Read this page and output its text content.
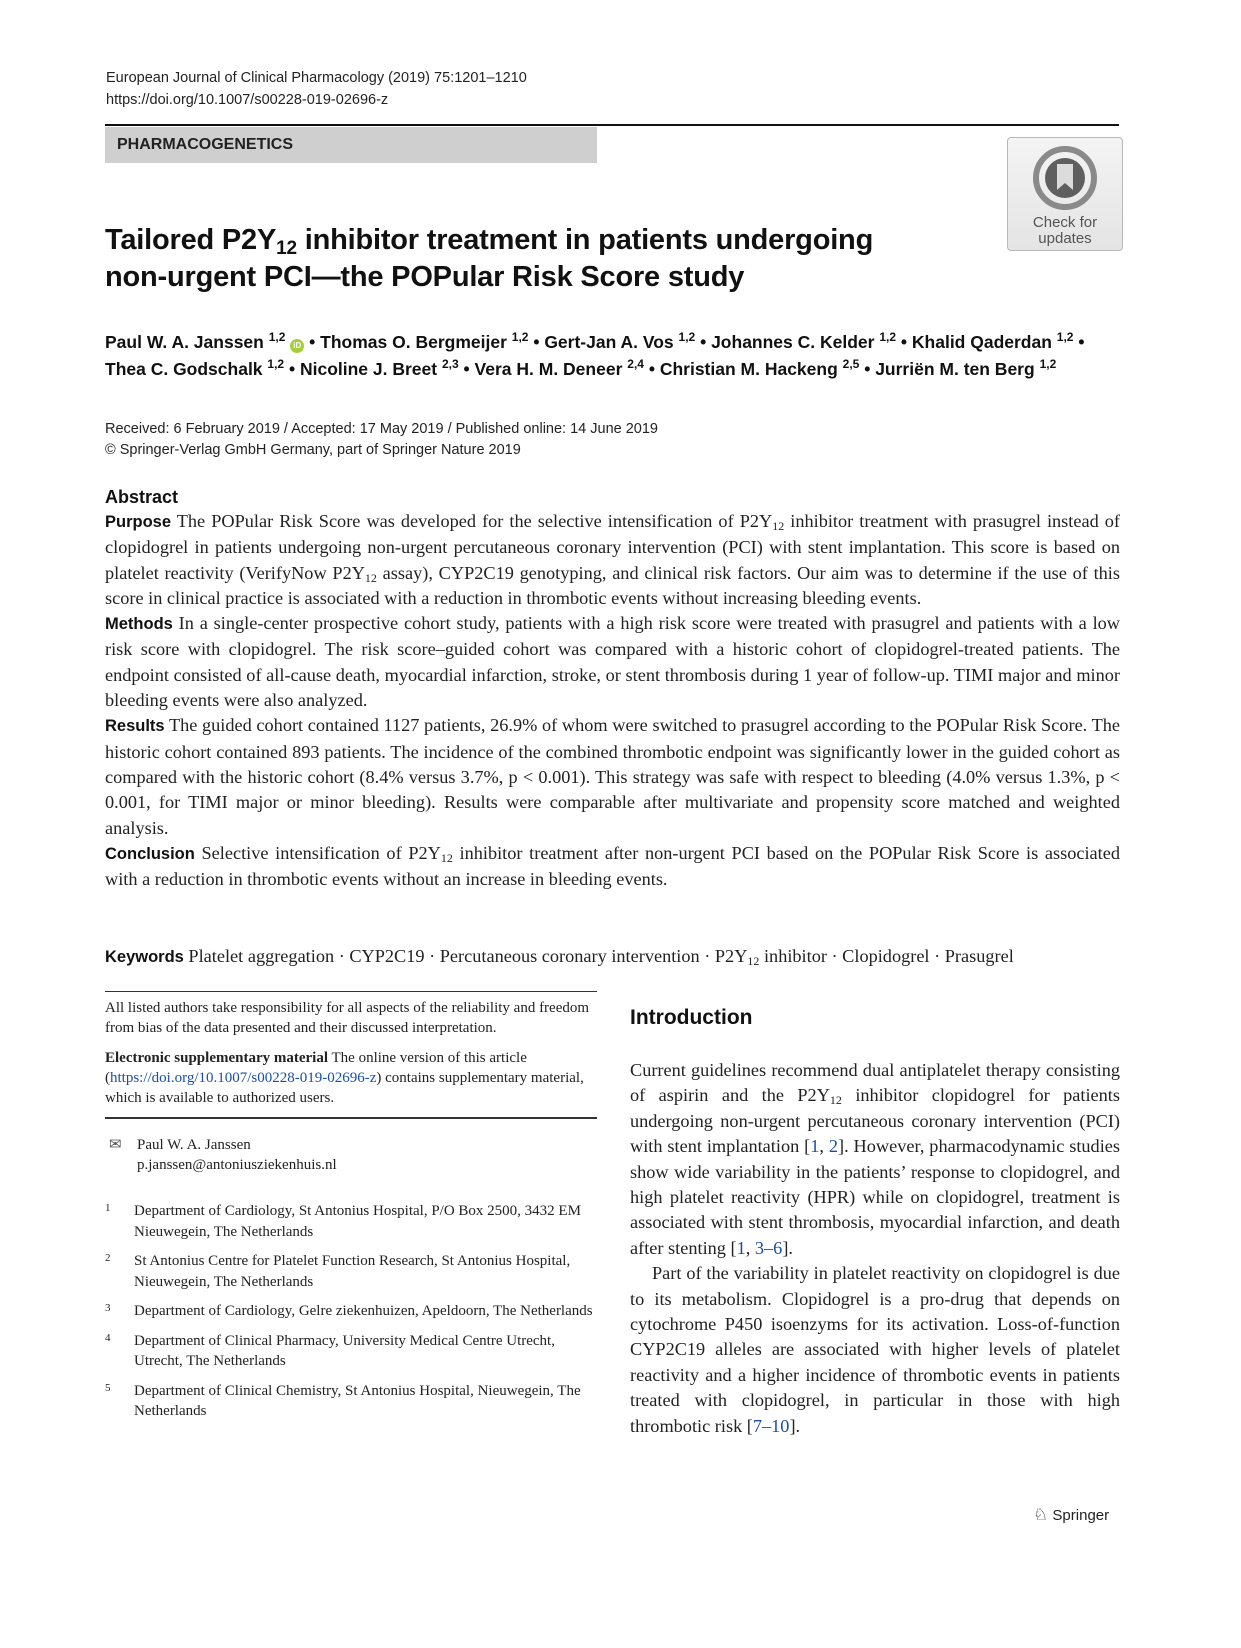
European Journal of Clinical Pharmacology (2019) 75:1201–1210
https://doi.org/10.1007/s00228-019-02696-z
PHARMACOGENETICS
Check for
updates
Tailored $P2Y_{12}$ inhibitor treatment in patients undergoing
non-urgent PCI—the POPular Risk Score study
Paul W. A. Janssen $^{1,2}$ iD • Thomas O. Bergmeijer $^{1,2}$ • Gert-Jan A. Vos $^{1,2}$ • Johannes C. Kelder $^{1,2}$ • Khalid Qaderdan $^{1,2}$ •
Thea C. Godschalk $^{1,2}$ • Nicoline J. Breet $^{2,3}$ • Vera H. M. Deneer $^{2,4}$ • Christian M. Hackeng $^{2,5}$ • Jurriën M. ten Berg $^{1,2}$
Received: 6 February 2019 / Accepted: 17 May 2019 / Published online: 14 June 2019
© Springer-Verlag GmbH Germany, part of Springer Nature 2019
Abstract

Purpose The POPular Risk Score was developed for the selective intensification of $P2Y_{12}$ inhibitor treatment with prasugrel instead of clopidogrel in patients undergoing non-urgent percutaneous coronary intervention (PCI) with stent implantation. This score is based on platelet reactivity (VerifyNow $P2Y_{12}$ assay), CYP2C19 genotyping, and clinical risk factors. Our aim was to determine if the use of this score in clinical practice is associated with a reduction in thrombotic events without increasing bleeding events.

Methods In a single-center prospective cohort study, patients with a high risk score were treated with prasugrel and patients with a low risk score with clopidogrel. The risk score–guided cohort was compared with a historic cohort of clopidogrel-treated patients. The endpoint consisted of all-cause death, myocardial infarction, stroke, or stent thrombosis during 1 year of follow-up. TIMI major and minor bleeding events were also analyzed.

Results The guided cohort contained 1127 patients, 26.9% of whom were switched to prasugrel according to the POPular Risk Score. The historic cohort contained 893 patients. The incidence of the combined thrombotic endpoint was significantly lower in the guided cohort as compared with the historic cohort (8.4% versus 3.7%, p < 0.001). This strategy was safe with respect to bleeding (4.0% versus 1.3%, p < 0.001, for TIMI major or minor bleeding). Results were comparable after multivariate and propensity score matched and weighted analysis.

Conclusion Selective intensification of $P2Y_{12}$ inhibitor treatment after non-urgent PCI based on the POPular Risk Score is associated with a reduction in thrombotic events without an increase in bleeding events.

Keywords Platelet aggregation · CYP2C19 · Percutaneous coronary intervention · $P2Y_{12}$ inhibitor · Clopidogrel · Prasugrel
All listed authors take responsibility for all aspects of the reliability and freedom from bias of the data presented and their discussed interpretation.
Electronic supplementary material The online version of this article (https://doi.org/10.1007/s00228-019-02696-z) contains supplementary material, which is available to authorized users.
✉ Paul W. A. Janssen
p.janssen@antoniusziekenhuis.nl
1 Department of Cardiology, St Antonius Hospital, P/O Box 2500, 3432 EM Nieuwegein, The Netherlands
2 St Antonius Centre for Platelet Function Research, St Antonius Hospital, Nieuwegein, The Netherlands
3 Department of Cardiology, Gelre ziekenhuizen, Apeldoorn, The Netherlands
4 Department of Clinical Pharmacy, University Medical Centre Utrecht, Utrecht, The Netherlands
5 Department of Clinical Chemistry, St Antonius Hospital, Nieuwegein, The Netherlands
Introduction

Current guidelines recommend dual antiplatelet therapy consisting of aspirin and the $P2Y_{12}$ inhibitor clopidogrel for patients undergoing non-urgent percutaneous coronary intervention (PCI) with stent implantation [1, 2]. However, pharmacodynamic studies show wide variability in the patients’ response to clopidogrel, and high platelet reactivity (HPR) while on clopidogrel, treatment is associated with stent thrombosis, myocardial infarction, and death after stenting [1, 3–6].

Part of the variability in platelet reactivity on clopidogrel is due to its metabolism. Clopidogrel is a pro-drug that depends on cytochrome P450 isoenzyms for its activation. Loss-of-function CYP2C19 alleles are associated with higher levels of platelet reactivity and a higher incidence of thrombotic events in patients treated with clopidogrel, in particular in those with high thrombotic risk [7–10].

♘ Springer
